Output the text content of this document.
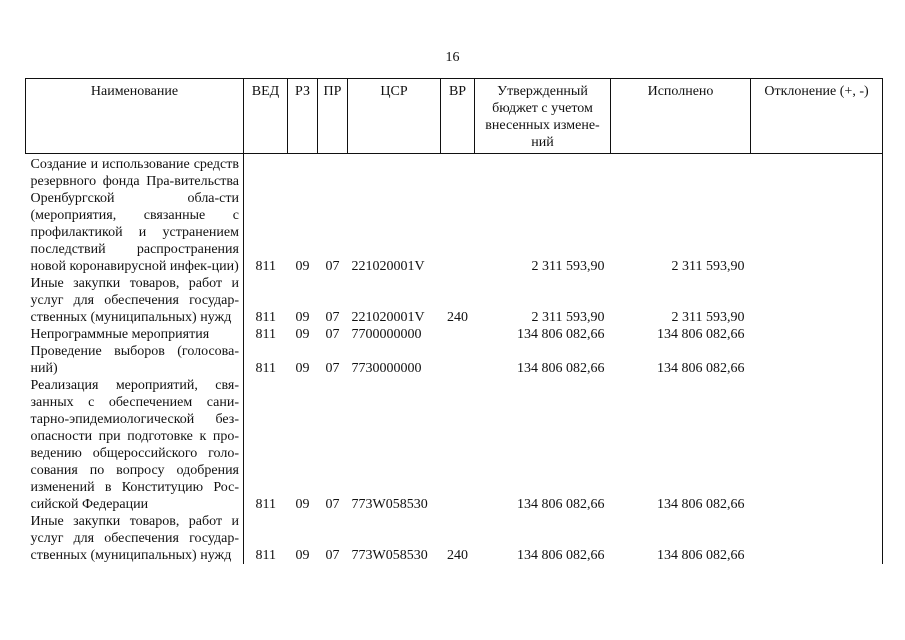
16
Наименование	ВЕД	РЗ	ПР	ЦСР	ВР	Утвержденный бюджет с учетом внесенных измене-ний	Исполнено	Отклонение (+, -)
Создание и использование средств резервного фонда Пра-вительства Оренбургской обла-сти (мероприятия, связанные с профилактикой и устранением последствий распространения новой коронавирусной инфек-ции)	811	09	07	221020001V		2 311 593,90	2 311 593,90	
Иные закупки товаров, работ и услуг для обеспечения государ-ственных (муниципальных) нужд	811	09	07	221020001V	240	2 311 593,90	2 311 593,90	
Непрограммные мероприятия	811	09	07	7700000000		134 806 082,66	134 806 082,66	
Проведение выборов (голосова-ний)	811	09	07	7730000000		134 806 082,66	134 806 082,66	
Реализация мероприятий, свя-занных с обеспечением сани-тарно-эпидемиологической без-опасности при подготовке к про-ведению общероссийского голо-сования по вопросу одобрения изменений в Конституцию Рос-сийской Федерации	811	09	07	773W058530		134 806 082,66	134 806 082,66	
Иные закупки товаров, работ и услуг для обеспечения государ-ственных (муниципальных) нужд	811	09	07	773W058530	240	134 806 082,66	134 806 082,66	
